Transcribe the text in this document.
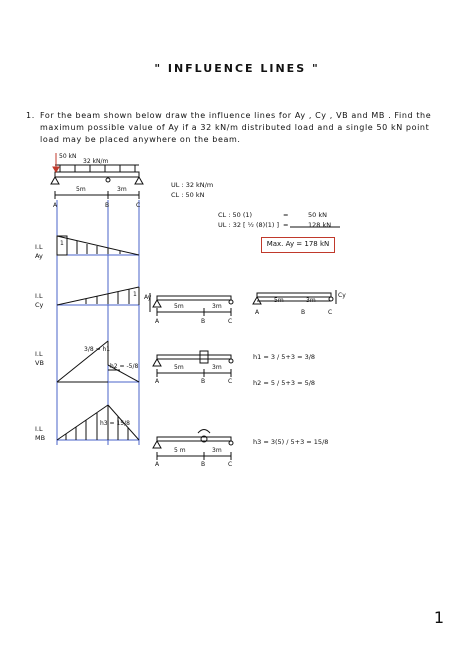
" INFLUENCE LINES "
1. For the beam shown below draw the influence lines for Ay , Cy , VB and MB . Find the maximum possible value of Ay if a 32 kN/m distributed load and a single 50 kN point load may be placed anywhere on the beam.
50 kN
32 kN/m
5m	3m
A	B	C
UL : 32 kN/m
CL : 50 kN
CL : 50 (1)	=	50 kN
UL : 32 [ ½ (8)(1) ] =	128 kN
Max. Ay = 178 kN
I.L
Ay
I.L
Cy
I.L
VB
I.L
MB
1
1
3/8 = h1
h2 = -5/8
h3 = 15/8
Ay
5m	3m
A	B	C
Cy
5m	3m
A	B	C
5m	3m
A	B	C
5 m	3m
A	B	C
h1 = 3 / 5+3 = 3/8
h2 = 5 / 5+3 = 5/8
h3 = 3(5) / 5+3 = 15/8
1
